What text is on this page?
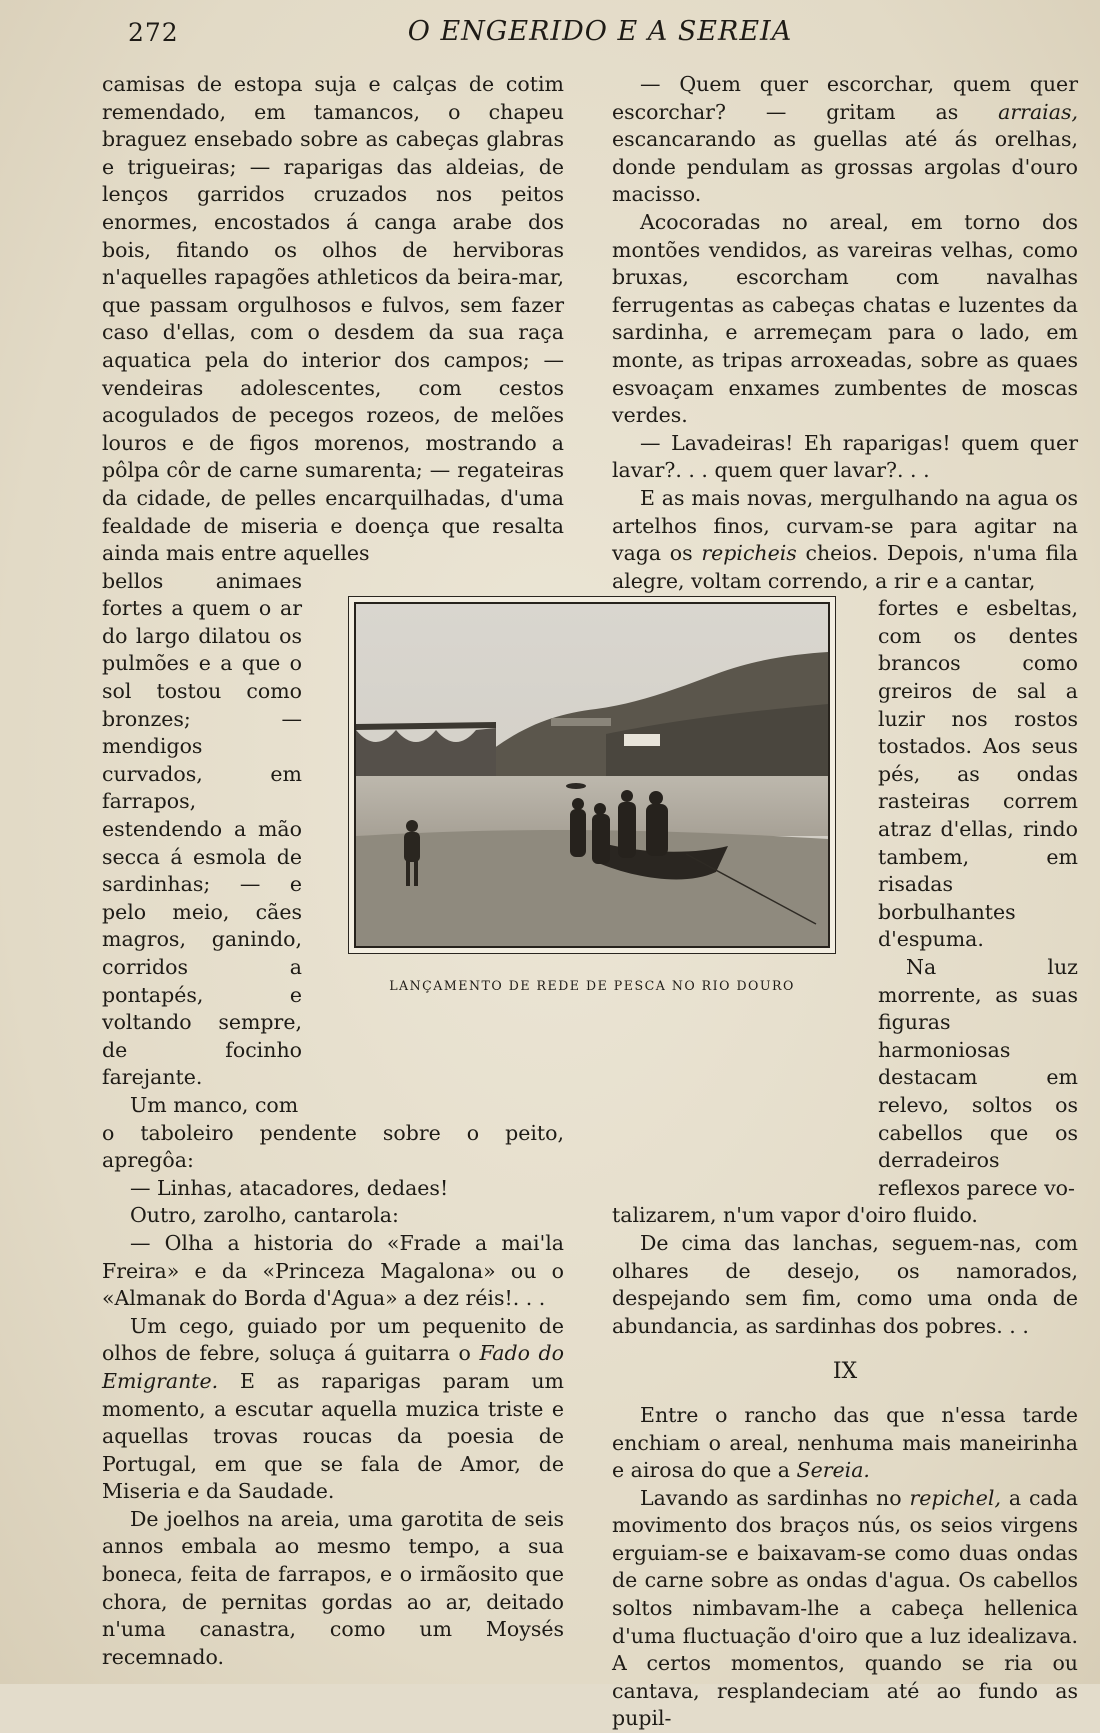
272	O ENGERIDO E A SEREIA

camisas de estopa suja e calças de cotim remendado, em tamancos, o chapeu braguez ensebado sobre as cabeças glabras e trigueiras; — raparigas das aldeias, de lenços garridos cruzados nos peitos enormes, encostados á canga arabe dos bois, fitando os olhos de herviboras n'aquelles rapagões athleticos da beira-mar, que passam orgulhosos e fulvos, sem fazer caso d'ellas, com o desdem da sua raça aquatica pela do interior dos campos; — vendeiras adolescentes, com cestos acogulados de pecegos rozeos, de melões louros e de figos morenos, mostrando a pôlpa côr de carne sumarenta; — regateiras da cidade, de pelles encarquilhadas, d'uma fealdade de miseria e doença que resalta ainda mais entre aquelles

bellos animaes fortes a quem o ar do largo dilatou os pulmões e a que o sol tostou como bronzes; — mendigos curvados, em farrapos, estendendo a mão secca á esmola de sardinhas; — e pelo meio, cães magros, ganindo, corridos a pontapés, e voltando sempre, de focinho farejante.

Um manco, com

o taboleiro pendente sobre o peito, apregôa:

— Linhas, atacadores, dedaes!

Outro, zarolho, cantarola:

— Olha a historia do «Frade a mai'la Freira» e da «Princeza Magalona» ou o «Almanak do Borda d'Agua» a dez réis!. . .

Um cego, guiado por um pequenito de olhos de febre, soluça á guitarra o Fado do Emigrante. E as raparigas param um momento, a escutar aquella muzica triste e aquellas trovas roucas da poesia de Portugal, em que se fala de Amor, de Miseria e da Saudade.

De joelhos na areia, uma garotita de seis annos embala ao mesmo tempo, a sua boneca, feita de farrapos, e o irmãosito que chora, de pernitas gordas ao ar, deitado n'uma canastra, como um Moysés recemnado.

— Quem quer escorchar, quem quer escorchar? — gritam as arraias, escancarando as guellas até ás orelhas, donde pendulam as grossas argolas d'ouro macisso.

Acocoradas no areal, em torno dos montões vendidos, as vareiras velhas, como bruxas, escorcham com navalhas ferrugentas as cabeças chatas e luzentes da sardinha, e arremeçam para o lado, em monte, as tripas arroxeadas, sobre as quaes esvoaçam enxames zumbentes de moscas verdes.

— Lavadeiras! Eh raparigas! quem quer lavar?. . . quem quer lavar?. . .

E as mais novas, mergulhando na agua os artelhos finos, curvam-se para agitar na vaga os repicheis cheios. Depois, n'uma fila alegre, voltam correndo, a rir e a cantar,

fortes e esbeltas, com os dentes brancos como greiros de sal a luzir nos rostos tostados. Aos seus pés, as ondas rasteiras correm atraz d'ellas, rindo tambem, em risadas borbulhantes d'espuma.

Na luz morrente, as suas figuras harmoniosas destacam em relevo, soltos os cabellos que os derradeiros reflexos parece vo-

talizarem, n'um vapor d'oiro fluido.

De cima das lanchas, seguem-nas, com olhares de desejo, os namorados, despejando sem fim, como uma onda de abundancia, as sardinhas dos pobres. . .

IX

Entre o rancho das que n'essa tarde enchiam o areal, nenhuma mais maneirinha e airosa do que a Sereia.

Lavando as sardinhas no repichel, a cada movimento dos braços nús, os seios virgens erguiam-se e baixavam-se como duas ondas de carne sobre as ondas d'agua. Os cabellos soltos nimbavam-lhe a cabeça hellenica d'uma fluctuação d'oiro que a luz idealizava. A certos momentos, quando se ria ou cantava, resplandeciam até ao fundo as pupil-

LANÇAMENTO DE REDE DE PESCA NO RIO DOURO
